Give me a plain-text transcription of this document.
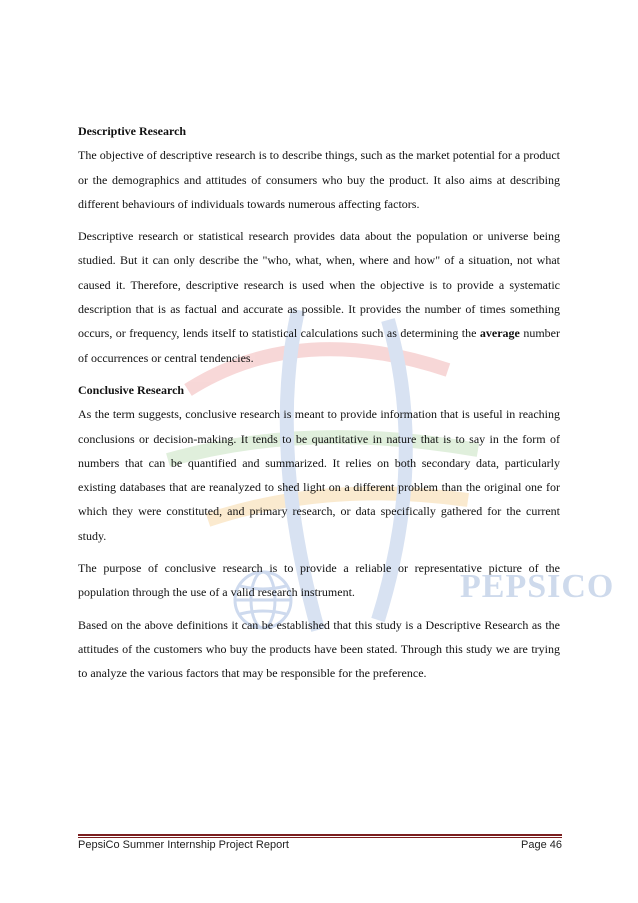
PEPSICO
Descriptive Research

The objective of descriptive research is to describe things, such as the market potential for a product or the demographics and attitudes of consumers who buy the product. It also aims at describing different behaviours of individuals towards numerous affecting factors.

Descriptive research or statistical research provides data about the population or universe being studied. But it can only describe the "who, what, when, where and how" of a situation, not what caused it. Therefore, descriptive research is used when the objective is to provide a systematic description that is as factual and accurate as possible. It provides the number of times something occurs, or frequency, lends itself to statistical calculations such as determining the average number of occurrences or central tendencies.

Conclusive Research

As the term suggests, conclusive research is meant to provide information that is useful in reaching conclusions or decision-making. It tends to be quantitative in nature that is to say in the form of numbers that can be quantified and summarized. It relies on both secondary data, particularly existing databases that are reanalyzed to shed light on a different problem than the original one for which they were constituted, and primary research, or data specifically gathered for the current study.

The purpose of conclusive research is to provide a reliable or representative picture of the population through the use of a valid research instrument.

Based on the above definitions it can be established that this study is a Descriptive Research as the attitudes of the customers who buy the products have been stated. Through this study we are trying to analyze the various factors that may be responsible for the preference.

PepsiCo Summer Internship Project Report	Page 46
